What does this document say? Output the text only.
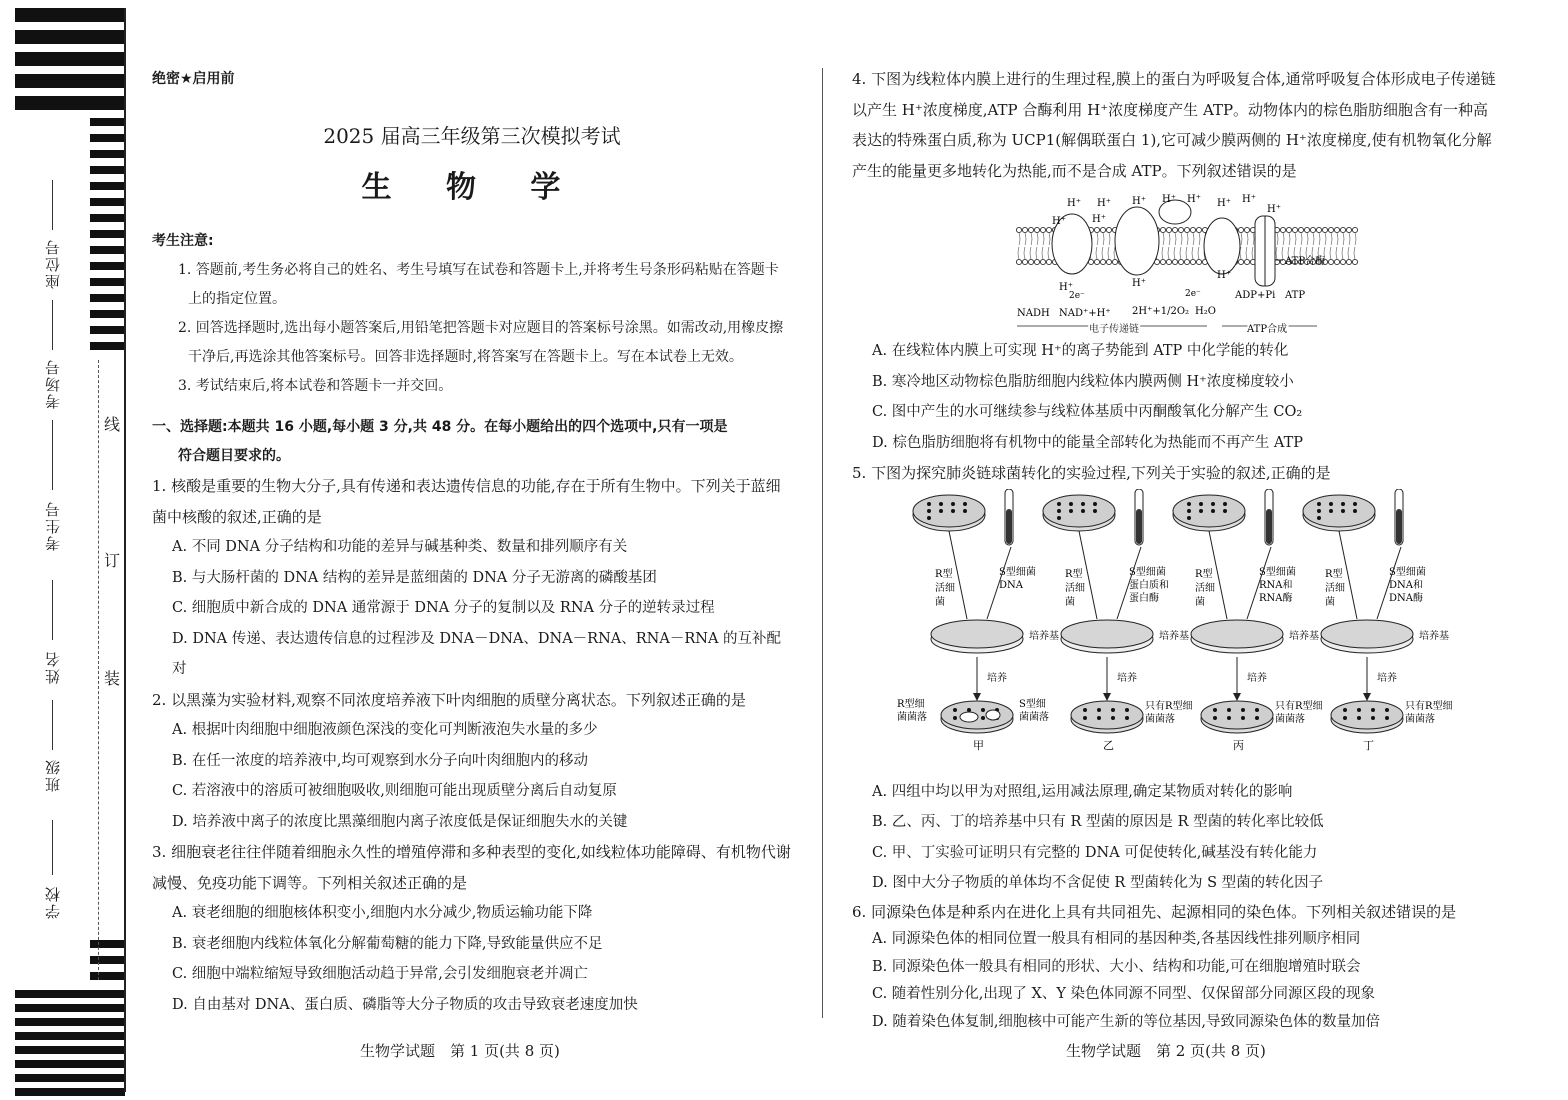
座位号
考场号
考生号
姓名
班级
学校
线
订
装
绝密★启用前
2025 届高三年级第三次模拟考试
生 物 学
考生注意:
1. 答题前,考生务必将自己的姓名、考生号填写在试卷和答题卡上,并将考生号条形码粘贴在答题卡上的指定位置。
2. 回答选择题时,选出每小题答案后,用铅笔把答题卡对应题目的答案标号涂黑。如需改动,用橡皮擦干净后,再选涂其他答案标号。回答非选择题时,将答案写在答题卡上。写在本试卷上无效。
3. 考试结束后,将本试卷和答题卡一并交回。
一、选择题:本题共 16 小题,每小题 3 分,共 48 分。在每小题给出的四个选项中,只有一项是
符合题目要求的。
1. 核酸是重要的生物大分子,具有传递和表达遗传信息的功能,存在于所有生物中。下列关于蓝细菌中核酸的叙述,正确的是
A. 不同 DNA 分子结构和功能的差异与碱基种类、数量和排列顺序有关
B. 与大肠杆菌的 DNA 结构的差异是蓝细菌的 DNA 分子无游离的磷酸基团
C. 细胞质中新合成的 DNA 通常源于 DNA 分子的复制以及 RNA 分子的逆转录过程
D. DNA 传递、表达遗传信息的过程涉及 DNA－DNA、DNA－RNA、RNA－RNA 的互补配对
2. 以黑藻为实验材料,观察不同浓度培养液下叶肉细胞的质壁分离状态。下列叙述正确的是
A. 根据叶肉细胞中细胞液颜色深浅的变化可判断液泡失水量的多少
B. 在任一浓度的培养液中,均可观察到水分子向叶肉细胞内的移动
C. 若溶液中的溶质可被细胞吸收,则细胞可能出现质壁分离后自动复原
D. 培养液中离子的浓度比黑藻细胞内离子浓度低是保证细胞失水的关键
3. 细胞衰老往往伴随着细胞永久性的增殖停滞和多种表型的变化,如线粒体功能障碍、有机物代谢减慢、免疫功能下调等。下列相关叙述正确的是
A. 衰老细胞的细胞核体积变小,细胞内水分减少,物质运输功能下降
B. 衰老细胞内线粒体氧化分解葡萄糖的能力下降,导致能量供应不足
C. 细胞中端粒缩短导致细胞活动趋于异常,会引发细胞衰老并凋亡
D. 自由基对 DNA、蛋白质、磷脂等大分子物质的攻击导致衰老速度加快
生物学试题　第 1 页(共 8 页)
4. 下图为线粒体内膜上进行的生理过程,膜上的蛋白为呼吸复合体,通常呼吸复合体形成电子传递链以产生 H⁺浓度梯度,ATP 合酶利用 H⁺浓度梯度产生 ATP。动物体内的棕色脂肪细胞含有一种高表达的特殊蛋白质,称为 UCP1(解偶联蛋白 1),它可减少膜两侧的 H⁺浓度梯度,使有机物氧化分解产生的能量更多地转化为热能,而不是合成 ATP。下列叙述错误的是
H⁺ H⁺ H⁺ H⁺ H⁺ H⁺ H⁺
H⁺
H⁺	H⁺
H⁺	H⁺
H⁺
2e⁻	2e⁻
NADH NAD⁺+H⁺ 2H⁺+1/2O₂ H₂O
ADP+Pi ATP
ATP合酶
电子传递链	ATP合成
A. 在线粒体内膜上可实现 H⁺的离子势能到 ATP 中化学能的转化
B. 寒冷地区动物棕色脂肪细胞内线粒体内膜两侧 H⁺浓度梯度较小
C. 图中产生的水可继续参与线粒体基质中丙酮酸氧化分解产生 CO₂
D. 棕色脂肪细胞将有机物中的能量全部转化为热能而不再产生 ATP
5. 下图为探究肺炎链球菌转化的实验过程,下列关于实验的叙述,正确的是
R型
活细
菌
S型细菌
DNA
培养基
培养
甲
R型细
菌菌落
S型细
菌菌落
R型
活细
菌
S型细菌
蛋白质和
蛋白酶
培养基
培养
乙
只有R型细
菌菌落
R型
活细
菌
S型细菌
RNA和
RNA酶
培养基
培养
丙
只有R型细
菌菌落
R型
活细
菌
S型细菌
DNA和
DNA酶
培养基
培养
丁
只有R型细
菌菌落
A. 四组中均以甲为对照组,运用减法原理,确定某物质对转化的影响
B. 乙、丙、丁的培养基中只有 R 型菌的原因是 R 型菌的转化率比较低
C. 甲、丁实验可证明只有完整的 DNA 可促使转化,碱基没有转化能力
D. 图中大分子物质的单体均不含促使 R 型菌转化为 S 型菌的转化因子
6. 同源染色体是种系内在进化上具有共同祖先、起源相同的染色体。下列相关叙述错误的是
A. 同源染色体的相同位置一般具有相同的基因种类,各基因线性排列顺序相同
B. 同源染色体一般具有相同的形状、大小、结构和功能,可在细胞增殖时联会
C. 随着性别分化,出现了 X、Y 染色体同源不同型、仅保留部分同源区段的现象
D. 随着染色体复制,细胞核中可能产生新的等位基因,导致同源染色体的数量加倍
生物学试题　第 2 页(共 8 页)
